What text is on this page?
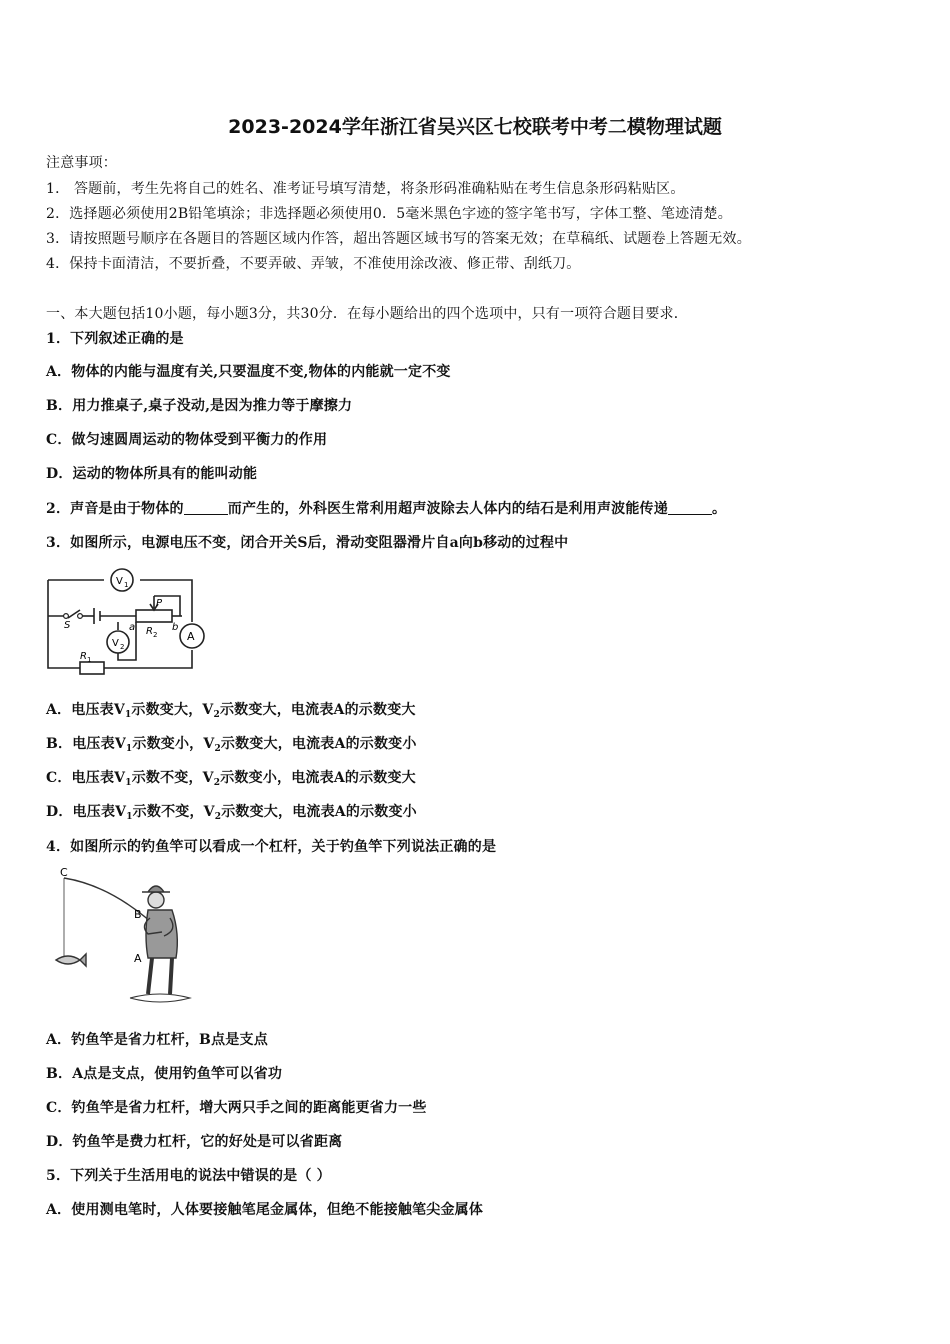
2023-2024学年浙江省吴兴区七校联考中考二模物理试题
注意事项：
1． 答题前，考生先将自己的姓名、准考证号填写清楚，将条形码准确粘贴在考生信息条形码粘贴区。
2．选择题必须使用2B铅笔填涂；非选择题必须使用0．5毫米黑色字迹的签字笔书写，字体工整、笔迹清楚。
3．请按照题号顺序在各题目的答题区域内作答，超出答题区域书写的答案无效；在草稿纸、试题卷上答题无效。
4．保持卡面清洁，不要折叠，不要弄破、弄皱，不准使用涂改液、修正带、刮纸刀。
一、本大题包括10小题，每小题3分，共30分．在每小题给出的四个选项中，只有一项符合题目要求．
1．下列叙述正确的是
A．物体的内能与温度有关,只要温度不变,物体的内能就一定不变
B．用力推桌子,桌子没动,是因为推力等于摩擦力
C．做匀速圆周运动的物体受到平衡力的作用
D．运动的物体所具有的能叫动能
2．声音是由于物体的	而产生的，外科医生常利用超声波除去人体内的结石是利用声波能传递	。
3．如图所示，电源电压不变，闭合开关S后，滑动变阻器滑片自a向b移动的过程中
V 1
V 2
A
S
P
R 2
R 1
a	b
A．电压表$V_1$示数变大，$V_2$示数变大，电流表A的示数变大
B．电压表$V_1$示数变小，$V_2$示数变大，电流表A的示数变小
C．电压表$V_1$示数不变，$V_2$示数变小，电流表A的示数变大
D．电压表$V_1$示数不变，$V_2$示数变大，电流表A的示数变小
4．如图所示的钓鱼竿可以看成一个杠杆，关于钓鱼竿下列说法正确的是
C
B
A
A．钓鱼竿是省力杠杆，B点是支点
B．A点是支点，使用钓鱼竿可以省功
C．钓鱼竿是省力杠杆，增大两只手之间的距离能更省力一些
D．钓鱼竿是费力杠杆，它的好处是可以省距离
5．下列关于生活用电的说法中错误的是（ ）
A．使用测电笔时，人体要接触笔尾金属体，但绝不能接触笔尖金属体
